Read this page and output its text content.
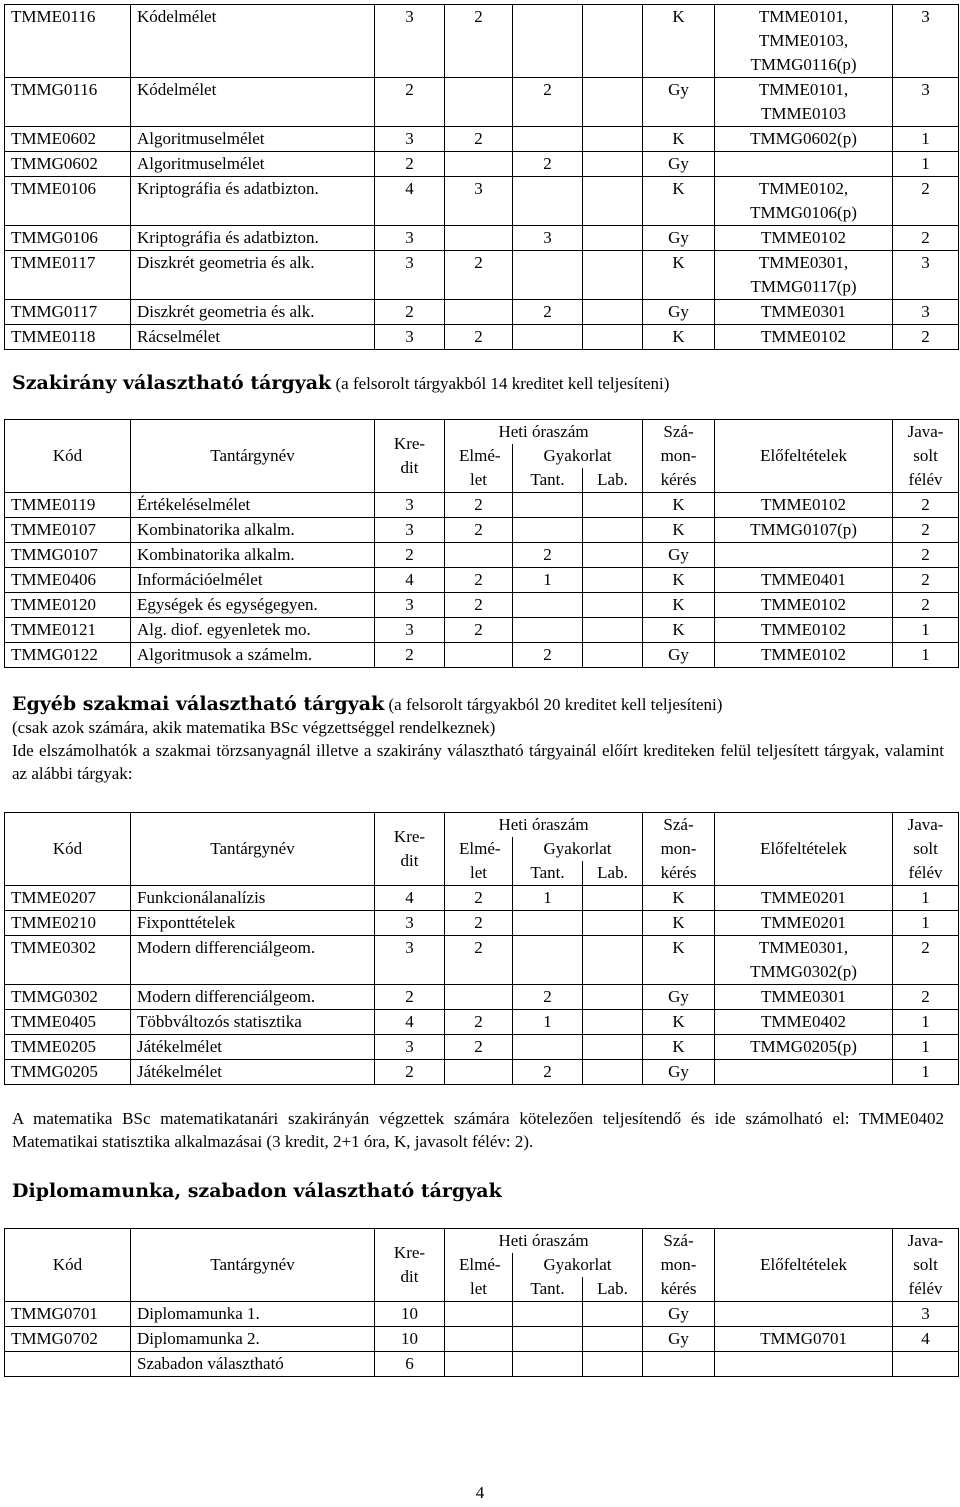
TMME0116	Kódelmélet	3	2			K	TMME0101, TMME0103, TMMG0116(p)	3
TMMG0116	Kódelmélet	2		2		Gy	TMME0101, TMME0103	3
TMME0602	Algoritmuselmélet	3	2			K	TMMG0602(p)	1
TMMG0602	Algoritmuselmélet	2		2		Gy		1
TMME0106	Kriptográfia és adatbizton.	4	3			K	TMME0102, TMMG0106(p)	2
TMMG0106	Kriptográfia és adatbizton.	3		3		Gy	TMME0102	2
TMME0117	Diszkrét geometria és alk.	3	2			K	TMME0301, TMMG0117(p)	3
TMMG0117	Diszkrét geometria és alk.	2		2		Gy	TMME0301	3
TMME0118	Rácselmélet	3	2			K	TMME0102	2
Szakirány választható tárgyak (a felsorolt tárgyakból 14 kreditet kell teljesíteni)
Kód	Tantárgynév	Kre-dit	Heti óraszám			Szá-mon-kérés	Előfeltételek	Java-solt félév
			Elmé-let	Gyakorlat				
				Tant.	Lab.			
TMME0119	Értékeléselmélet	3	2			K	TMME0102	2
TMME0107	Kombinatorika alkalm.	3	2			K	TMMG0107(p)	2
TMMG0107	Kombinatorika alkalm.	2		2		Gy		2
TMME0406	Információelmélet	4	2	1		K	TMME0401	2
TMME0120	Egységek és egységegyen.	3	2			K	TMME0102	2
TMME0121	Alg. diof. egyenletek mo.	3	2			K	TMME0102	1
TMMG0122	Algoritmusok a számelm.	2		2		Gy	TMME0102	1
Egyéb szakmai választható tárgyak (a felsorolt tárgyakból 20 kreditet kell teljesíteni)
(csak azok számára, akik matematika BSc végzettséggel rendelkeznek)
Ide elszámolhatók a szakmai törzsanyagnál illetve a szakirány választható tárgyainál előírt krediteken felül teljesített tárgyak, valamint az alábbi tárgyak:
Kód	Tantárgynév	Kre-dit	Heti óraszám			Szá-mon-kérés	Előfeltételek	Java-solt félév
			Elmé-let	Gyakorlat				
				Tant.	Lab.			
TMME0207	Funkcionálanalízis	4	2	1		K	TMME0201	1
TMME0210	Fixponttételek	3	2			K	TMME0201	1
TMME0302	Modern differenciálgeom.	3	2			K	TMME0301, TMMG0302(p)	2
TMMG0302	Modern differenciálgeom.	2		2		Gy	TMME0301	2
TMME0405	Többváltozós statisztika	4	2	1		K	TMME0402	1
TMME0205	Játékelmélet	3	2			K	TMMG0205(p)	1
TMMG0205	Játékelmélet	2		2		Gy		1
A matematika BSc matematikatanári szakirányán végzettek számára kötelezően teljesítendő és ide számolható el: TMME0402 Matematikai statisztika alkalmazásai (3 kredit, 2+1 óra, K, javasolt félév: 2).
Diplomamunka, szabadon választható tárgyak
Kód	Tantárgynév	Kre-dit	Heti óraszám			Szá-mon-kérés	Előfeltételek	Java-solt félév
			Elmé-let	Gyakorlat				
				Tant.	Lab.			
TMMG0701	Diplomamunka 1.	10				Gy		3
TMMG0702	Diplomamunka 2.	10				Gy	TMMG0701	4
	Szabadon választható	6						
4
